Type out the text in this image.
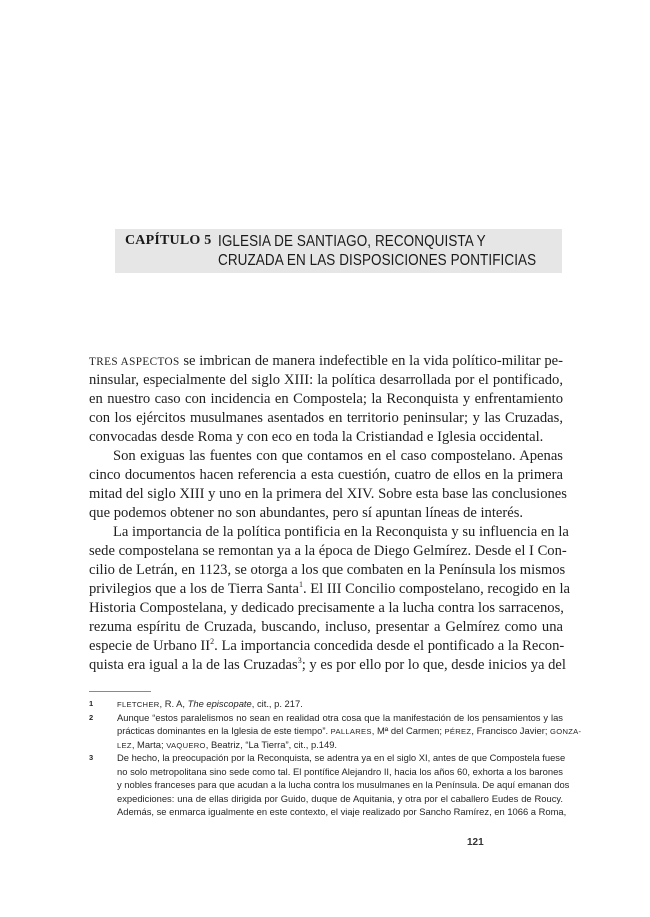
CAPÍTULO 5 IGLESIA DE SANTIAGO, RECONQUISTA Y
CRUZADA EN LAS DISPOSICIONES PONTIFICIAS
TRES ASPECTOS se imbrican de manera indefectible en la vida político-militar pe-
ninsular, especialmente del siglo XIII: la política desarrollada por el pontificado,
en nuestro caso con incidencia en Compostela; la Reconquista y enfrentamiento
con los ejércitos musulmanes asentados en territorio peninsular; y las Cruzadas,
convocadas desde Roma y con eco en toda la Cristiandad e Iglesia occidental.
Son exiguas las fuentes con que contamos en el caso compostelano. Apenas
cinco documentos hacen referencia a esta cuestión, cuatro de ellos en la primera
mitad del siglo XIII y uno en la primera del XIV. Sobre esta base las conclusiones
que podemos obtener no son abundantes, pero sí apuntan líneas de interés.
La importancia de la política pontificia en la Reconquista y su influencia en la
sede compostelana se remontan ya a la época de Diego Gelmírez. Desde el I Con-
cilio de Letrán, en 1123, se otorga a los que combaten en la Península los mismos
privilegios que a los de Tierra Santa$^1$. El III Concilio compostelano, recogido en la
Historia Compostelana, y dedicado precisamente a la lucha contra los sarracenos,
rezuma espíritu de Cruzada, buscando, incluso, presentar a Gelmírez como una
especie de Urbano $II^2$. La importancia concedida desde el pontificado a la Recon-
quista era igual a la de las Cruzadas$^3$; y es por ello por lo que, desde inicios ya del
1	FLETCHER, R. A, The episcopate, cit., p. 217.
2	Aunque “estos paralelismos no sean en realidad otra cosa que la manifestación de los pensamientos y las
prácticas dominantes en la Iglesia de este tiempo”. PALLARES, Mª del Carmen; PÉREZ, Francisco Javier; GONZA-
LEZ, Marta; VAQUERO, Beatriz, “La Tierra”, cit., p.149.
3	De hecho, la preocupación por la Reconquista, se adentra ya en el siglo XI, antes de que Compostela fuese
no solo metropolitana sino sede como tal. El pontífice Alejandro II, hacia los años 60, exhorta a los barones
y nobles franceses para que acudan a la lucha contra los musulmanes en la Península. De aquí emanan dos
expediciones: una de ellas dirigida por Guido, duque de Aquitania, y otra por el caballero Eudes de Roucy.
Además, se enmarca igualmente en este contexto, el viaje realizado por Sancho Ramírez, en 1066 a Roma,
121
